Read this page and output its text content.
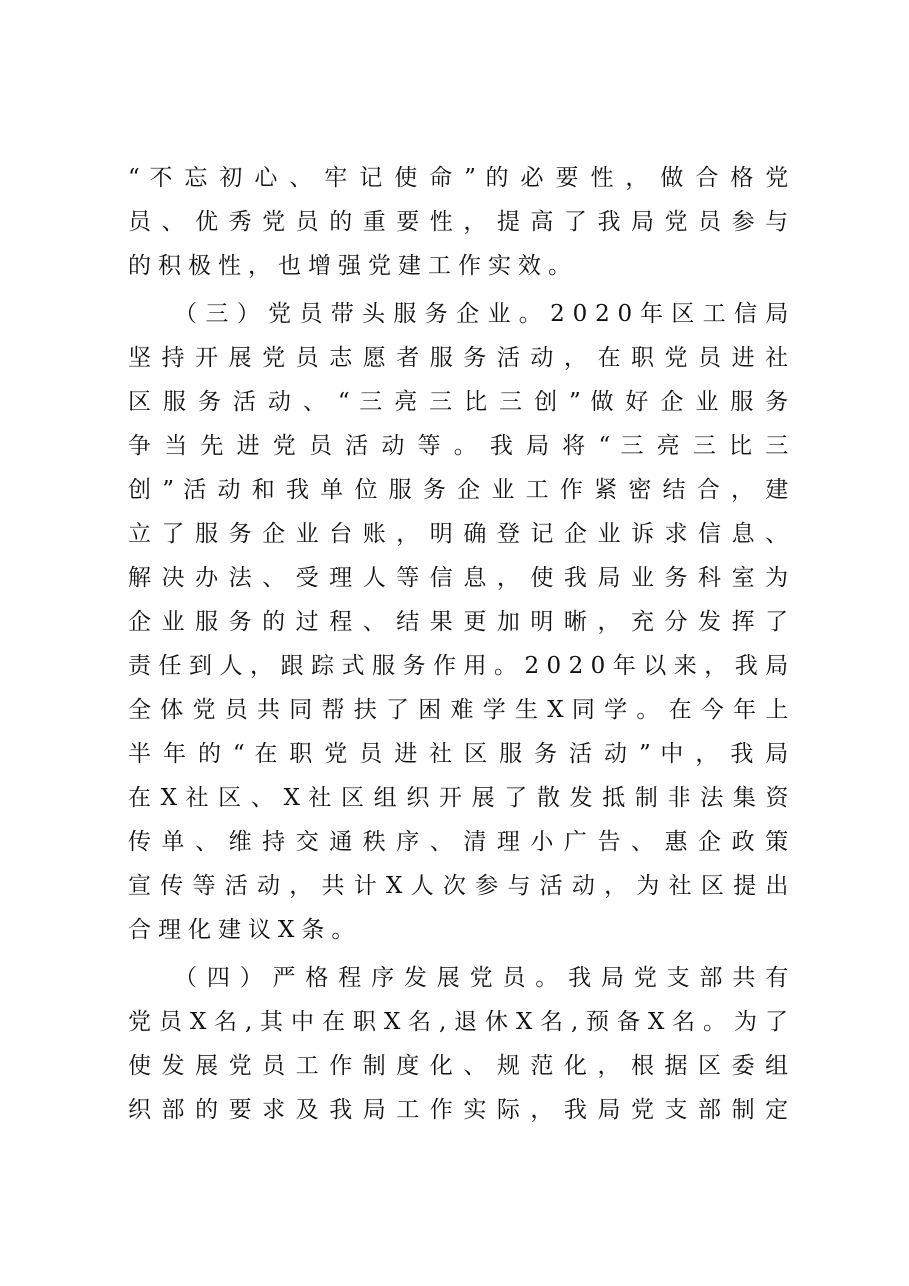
“ 不 忘 初 心 、 牢 记 使 命 ” 的 必 要 性 ， 做 合 格 党
员 、 优 秀 党 员 的 重 要 性 ， 提 高 了 我 局 党 员 参 与
的积极性，也增强党建工作实效。
（ 三 ） 党 员 带 头 服 务 企 业 。 2 0 2 0 年 区 工 信 局
坚 持 开 展 党 员 志 愿 者 服 务 活 动 ， 在 职 党 员 进 社
区 服 务 活 动 、 “ 三 亮 三 比 三 创 ” 做 好 企 业 服 务
争 当 先 进 党 员 活 动 等 。 我 局 将 “ 三 亮 三 比 三
创 ” 活 动 和 我 单 位 服 务 企 业 工 作 紧 密 结 合 ， 建
立 了 服 务 企 业 台 账 ， 明 确 登 记 企 业 诉 求 信 息 、
解 决 办 法 、 受 理 人 等 信 息 ， 使 我 局 业 务 科 室 为
企 业 服 务 的 过 程 、 结 果 更 加 明 晰 ， 充 分 发 挥 了
责 任 到 人 ， 跟 踪 式 服 务 作 用 。 2 0 2 0 年 以 来 ， 我 局
全 体 党 员 共 同 帮 扶 了 困 难 学 生 X 同 学 。 在 今 年 上
半 年 的 “ 在 职 党 员 进 社 区 服 务 活 动 ” 中 ， 我 局
在 X 社 区 、 X 社 区 组 织 开 展 了 散 发 抵 制 非 法 集 资
传 单 、 维 持 交 通 秩 序 、 清 理 小 广 告 、 惠 企 政 策
宣 传 等 活 动 ， 共 计 X 人 次 参 与 活 动 ， 为 社 区 提 出
合理化建议X条。
（ 四 ） 严 格 程 序 发 展 党 员 。 我 局 党 支 部 共 有
党 员 X 名 , 其 中 在 职 X 名 , 退 休 X 名 , 预 备 X 名 。 为 了
使 发 展 党 员 工 作 制 度 化 、 规 范 化 ， 根 据 区 委 组
织 部 的 要 求 及 我 局 工 作 实 际 ， 我 局 党 支 部 制 定
